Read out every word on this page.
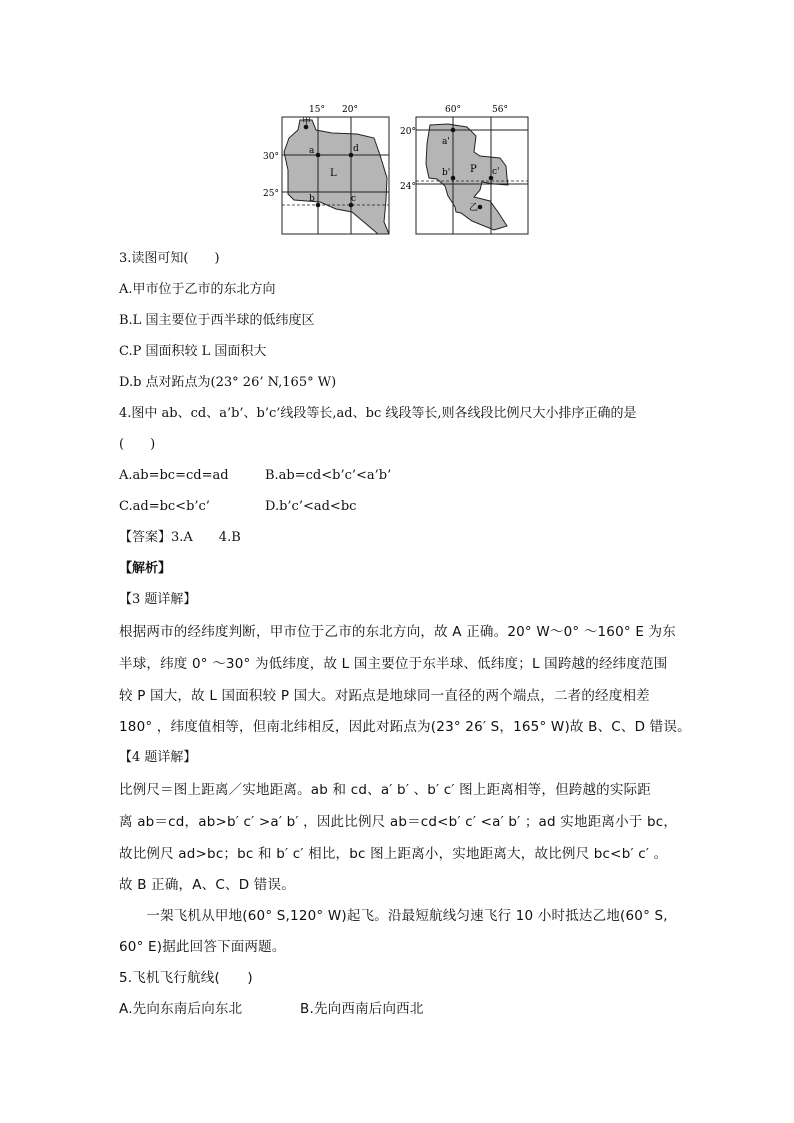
15° 20°
30°
25°
甲
a	d
b	c
L
60°	56°
20°
24°
a'
b'	c'
P
乙
3.读图可知(　　)
A.甲市位于乙市的东北方向
B.L 国主要位于西半球的低纬度区
C.P 国面积较 L 国面积大
D.b 点对跖点为(23° 26’ N,165° W)
4.图中 ab、cd、a’b’、b’c’线段等长,ad、bc 线段等长,则各线段比例尺大小排序正确的是
(　　)
A.ab=bc=cd=ad	B.ab=cd<b’c’<a’b’
C.ad=bc<b’c’	D.b’c’<ad<bc
【答案】3.A　　4.B
【解析】
【3 题详解】
根据两市的经纬度判断，甲市位于乙市的东北方向，故 A 正确。20° W～0° ～160° E 为东
半球，纬度 0° ～30° 为低纬度，故 L 国主要位于东半球、低纬度；L 国跨越的经纬度范围
较 P 国大，故 L 国面积较 P 国大。对跖点是地球同一直径的两个端点，二者的经度相差
180° ，纬度值相等，但南北纬相反，因此对跖点为(23° 26′ S，165° W)故 B、C、D 错误。
【4 题详解】
比例尺＝图上距离／实地距离。ab 和 cd、a′ b′ 、b′ c′ 图上距离相等，但跨越的实际距
离 ab＝cd，ab>b′ c′ >a′ b′ ，因此比例尺 ab＝cd<b′ c′ <a′ b′ ；ad 实地距离小于 bc，
故比例尺 ad>bc；bc 和 b′ c′ 相比，bc 图上距离小，实地距离大，故比例尺 bc<b′ c′ 。
故 B 正确，A、C、D 错误。
　　一架飞机从甲地(60° S,120° W)起飞。沿最短航线匀速飞行 10 小时抵达乙地(60° S,
60° E)据此回答下面两题。
5.飞机飞行航线(　　)
A.先向东南后向东北	B.先向西南后向西北
